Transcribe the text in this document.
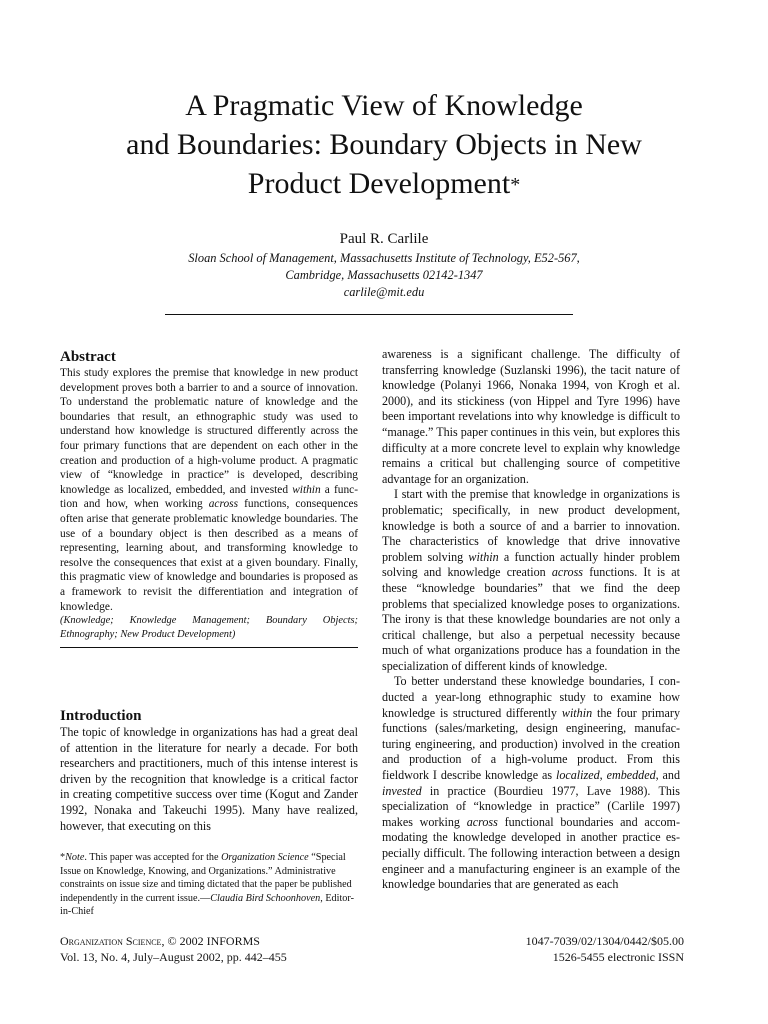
A Pragmatic View of Knowledge
and Boundaries: Boundary Objects in New
Product Development*
Paul R. Carlile
Sloan School of Management, Massachusetts Institute of Technology, E52-567,
Cambridge, Massachusetts 02142-1347
carlile@mit.edu
Abstract

This study explores the premise that knowledge in new product development proves both a barrier to and a source of innovation. To understand the problematic nature of knowledge and the boundaries that result, an ethnographic study was used to understand how knowledge is structured differently across the four primary functions that are dependent on each other in the creation and production of a high-volume product. A pragmatic view of “knowledge in practice” is developed, describing knowledge as localized, embedded, and invested within a function and how, when working across functions, consequences often arise that generate problematic knowledge boundaries. The use of a boundary object is then described as a means of representing, learning about, and transforming knowledge to resolve the consequences that exist at a given boundary. Finally, this pragmatic view of knowledge and boundaries is proposed as a framework to revisit the differentiation and integration of knowledge.

(Knowledge; Knowledge Management; Boundary Objects; Ethnography; New Product Development)

Introduction

The topic of knowledge in organizations has had a great deal of attention in the literature for nearly a decade. For both researchers and practitioners, much of this intense interest is driven by the recognition that knowledge is a critical factor in creating competitive success over time (Kogut and Zander 1992, Nonaka and Takeuchi 1995). Many have realized, however, that executing on this

*Note. This paper was accepted for the Organization Science “Special Issue on Knowledge, Knowing, and Organizations.” Administrative constraints on issue size and timing dictated that the paper be published independently in the current issue.—Claudia Bird Schoonhoven, Editor-in-Chief

awareness is a significant challenge. The difficulty of transferring knowledge (Suzlanski 1996), the tacit nature of knowledge (Polanyi 1966, Nonaka 1994, von Krogh et al. 2000), and its stickiness (von Hippel and Tyre 1996) have been important revelations into why knowledge is difficult to “manage.” This paper continues in this vein, but explores this difficulty at a more concrete level to explain why knowledge remains a critical but challenging source of competitive advantage for an organization.

I start with the premise that knowledge in organizations is problematic; specifically, in new product development, knowledge is both a source of and a barrier to innovation. The characteristics of knowledge that drive innovative problem solving within a function actually hinder problem solving and knowledge creation across functions. It is at these “knowledge boundaries” that we find the deep problems that specialized knowledge poses to organizations. The irony is that these knowledge boundaries are not only a critical challenge, but also a perpetual necessity because much of what organizations produce has a foundation in the specialization of different kinds of knowledge.

To better understand these knowledge boundaries, I conducted a year-long ethnographic study to examine how knowledge is structured differently within the four primary functions (sales/marketing, design engineering, manufacturing engineering, and production) involved in the creation and production of a high-volume product. From this fieldwork I describe knowledge as localized, embedded, and invested in practice (Bourdieu 1977, Lave 1988). This specialization of “knowledge in practice” (Carlile 1997) makes working across functional boundaries and accommodating the knowledge developed in another practice especially difficult. The following interaction between a design engineer and a manufacturing engineer is an example of the knowledge boundaries that are generated as each

Organization Science, © 2002 INFORMS
Vol. 13, No. 4, July–August 2002, pp. 442–455
1047-7039/02/1304/0442/$05.00
1526-5455 electronic ISSN
